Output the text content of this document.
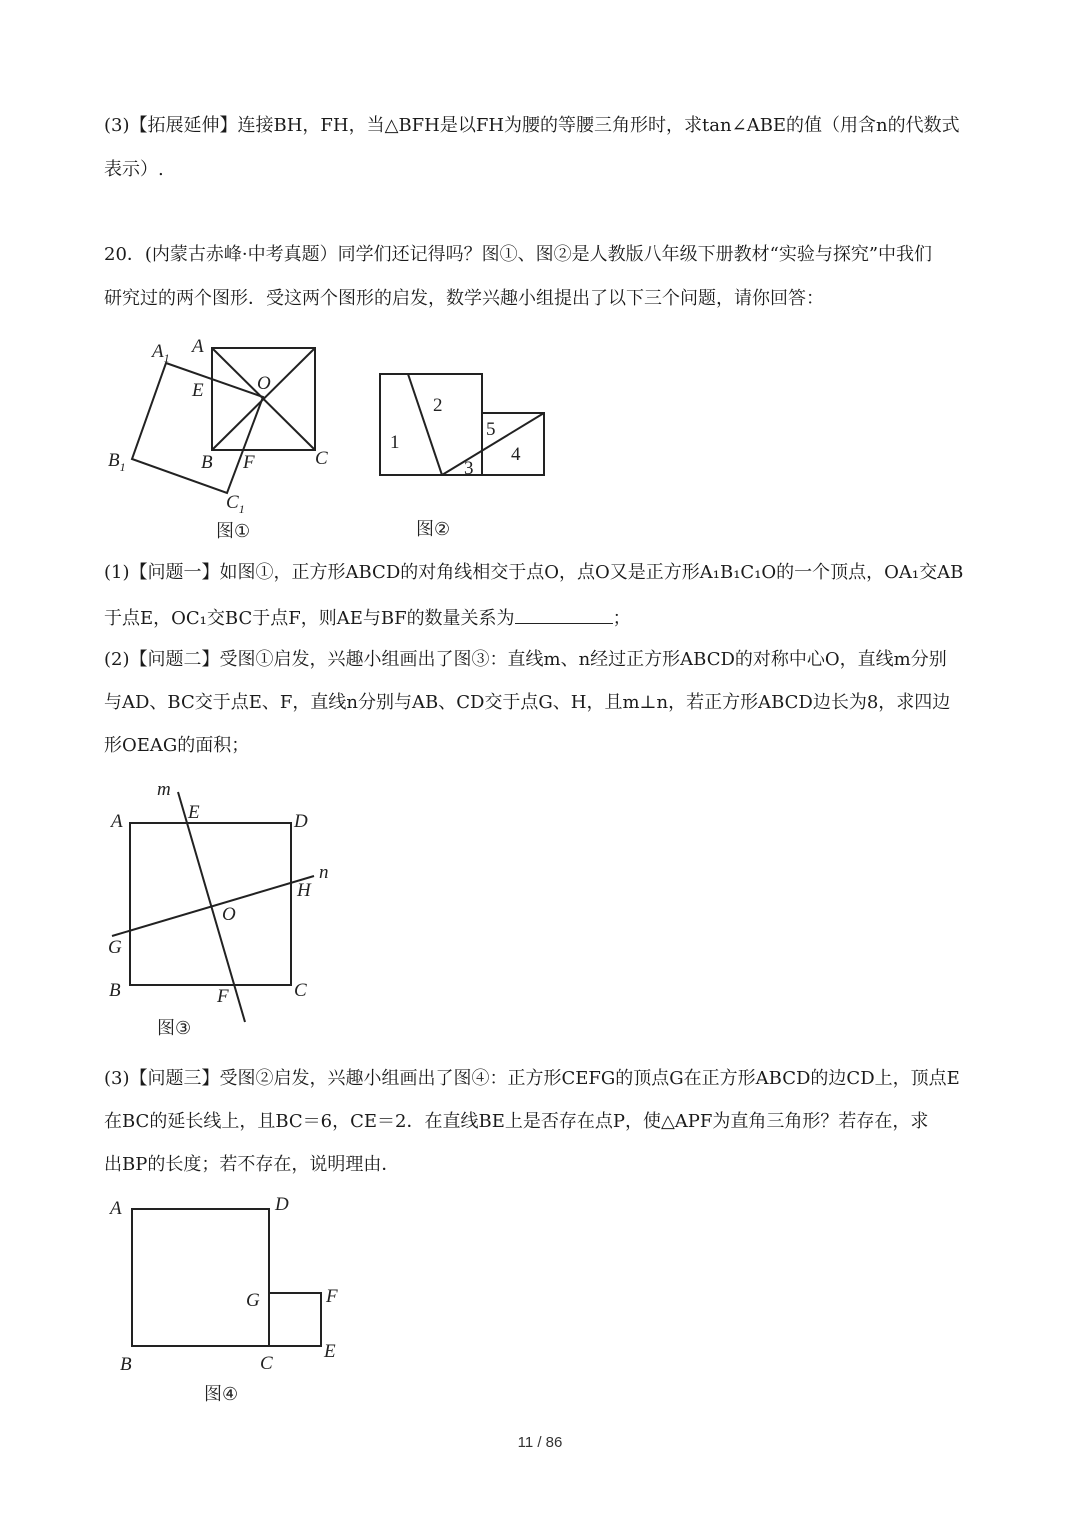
(3)【拓展延伸】连接BH，FH，当△BFH是以FH为腰的等腰三角形时，求tan∠ABE的值（用含n的代数式
表示）.
20．(内蒙古赤峰·中考真题）同学们还记得吗？图①、图②是人教版八年级下册教材“实验与探究”中我们
研究过的两个图形．受这两个图形的启发，数学兴趣小组提出了以下三个问题，请你回答：
$A_1$
A
E	O
$B_1$	B F	C
$C_1$
图①
1
2
3
4
5
图②
(1)【问题一】如图①，正方形ABCD的对角线相交于点O，点O又是正方形A₁B₁C₁O的一个顶点，OA₁交AB
于点E，OC₁交BC于点F，则AE与BF的数量关系为	；
(2)【问题二】受图①启发，兴趣小组画出了图③：直线m、n经过正方形ABCD的对称中心O，直线m分别
与AD、BC交于点E、F，直线n分别与AB、CD交于点G、H，且m⊥n，若正方形ABCD边长为8，求四边
形OEAG的面积；
m
E
A	D
n
H
O
G
B	F	C
图③
(3)【问题三】受图②启发，兴趣小组画出了图④：正方形CEFG的顶点G在正方形ABCD的边CD上，顶点E
在BC的延长线上，且BC＝6，CE＝2．在直线BE上是否存在点P，使△APF为直角三角形？若存在，求
出BP的长度；若不存在，说明理由．
A	D
G	F
B	C
E
图④
11 / 86
